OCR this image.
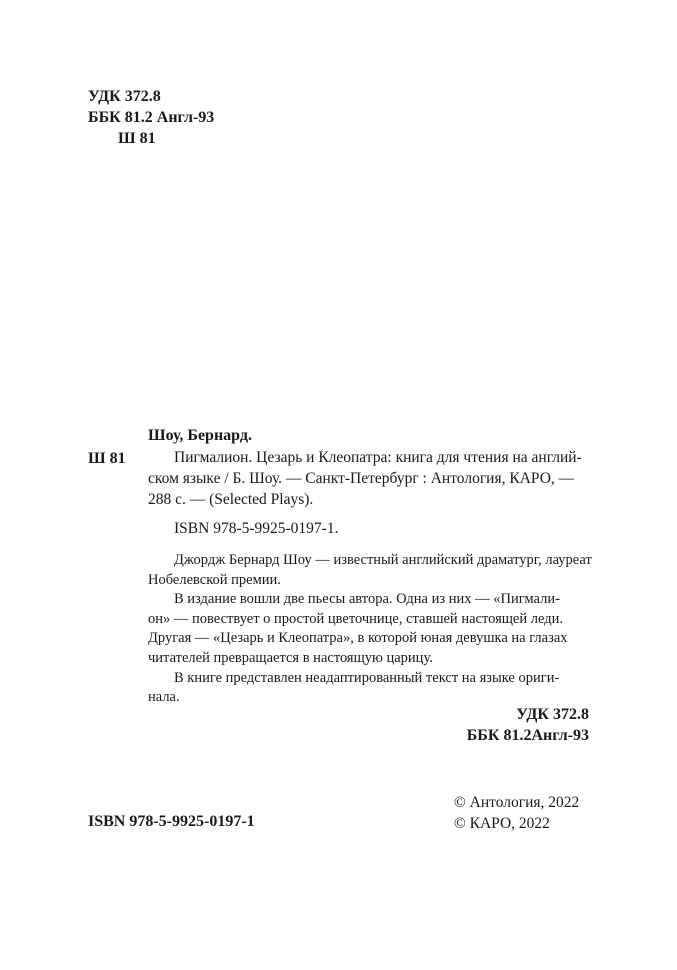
УДК 372.8
ББК 81.2 Англ-93
Ш 81
Шоу, Бернард.
Ш 81	Пигмалион. Цезарь и Клеопатра: книга для чтения на англий-
ском языке / Б. Шоу. — Санкт-Петербург : Антология, КАРО, —
288 с. — (Selected Plays).
ISBN 978-5-9925-0197-1.
Джордж Бернард Шоу — известный английский драматург, лауреат
Нобелевской премии.
В издание вошли две пьесы автора. Одна из них — «Пигмали-
он» — повествует о простой цветочнице, ставшей настоящей леди.
Другая — «Цезарь и Клеопатра», в которой юная девушка на глазах
читателей превращается в настоящую царицу.
В книге представлен неадаптированный текст на языке ориги-
нала.
УДК 372.8
ББК 81.2Англ-93
© Антология, 2022
© КАРО, 2022
ISBN 978-5-9925-0197-1
